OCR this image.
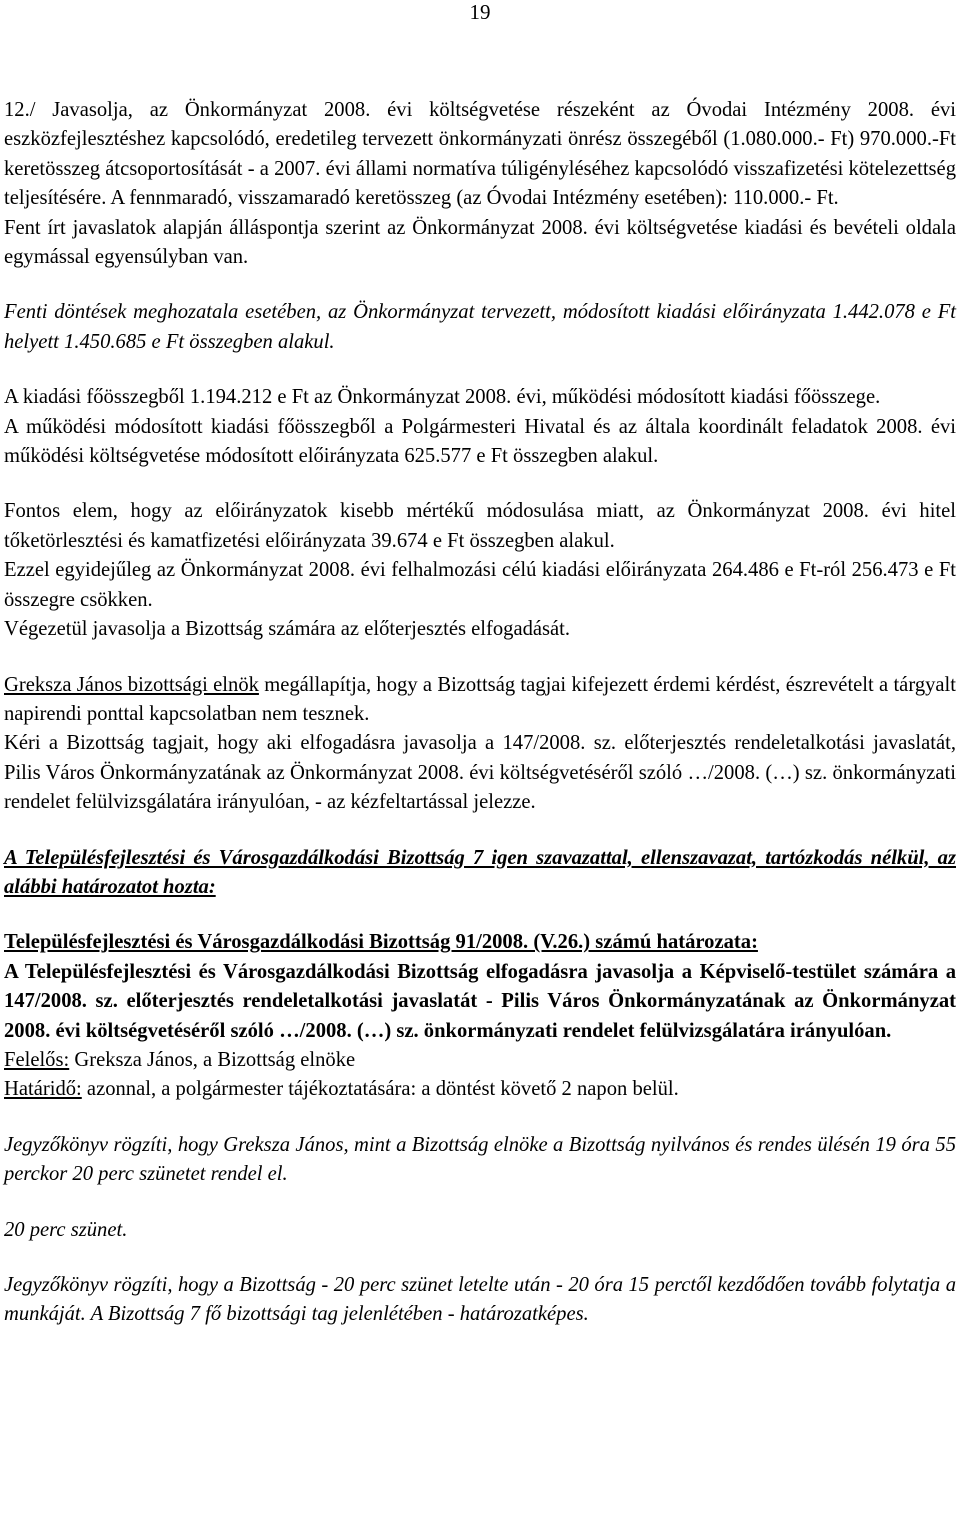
19

12./ Javasolja, az Önkormányzat 2008. évi költségvetése részeként az Óvodai Intézmény 2008. évi eszközfejlesztéshez kapcsolódó, eredetileg tervezett önkormányzati önrész összegéből (1.080.000.- Ft) 970.000.-Ft keretösszeg átcsoportosítását - a 2007. évi állami normatíva túligényléséhez kapcsolódó visszafizetési kötelezettség teljesítésére. A fennmaradó, visszamaradó keretösszeg (az Óvodai Intézmény esetében): 110.000.- Ft.

Fent írt javaslatok alapján álláspontja szerint az Önkormányzat 2008. évi költségvetése kiadási és bevételi oldala egymással egyensúlyban van.

Fenti döntések meghozatala esetében, az Önkormányzat tervezett, módosított kiadási előirányzata 1.442.078 e Ft helyett 1.450.685 e Ft összegben alakul.

A kiadási főösszegből 1.194.212 e Ft az Önkormányzat 2008. évi, működési módosított kiadási főösszege.

A működési módosított kiadási főösszegből a Polgármesteri Hivatal és az általa koordinált feladatok 2008. évi működési költségvetése módosított előirányzata 625.577 e Ft összegben alakul.

Fontos elem, hogy az előirányzatok kisebb mértékű módosulása miatt, az Önkormányzat 2008. évi hitel tőketörlesztési és kamatfizetési előirányzata 39.674 e Ft összegben alakul.

Ezzel egyidejűleg az Önkormányzat 2008. évi felhalmozási célú kiadási előirányzata 264.486 e Ft-ról 256.473 e Ft összegre csökken.

Végezetül javasolja a Bizottság számára az előterjesztés elfogadását.

Greksza János bizottsági elnök megállapítja, hogy a Bizottság tagjai kifejezett érdemi kérdést, észrevételt a tárgyalt napirendi ponttal kapcsolatban nem tesznek.

Kéri a Bizottság tagjait, hogy aki elfogadásra javasolja a 147/2008. sz. előterjesztés rendeletalkotási javaslatát, Pilis Város Önkormányzatának az Önkormányzat 2008. évi költségvetéséről szóló …/2008. (…) sz. önkormányzati rendelet felülvizsgálatára irányulóan, - az kézfeltartással jelezze.

A Településfejlesztési és Városgazdálkodási Bizottság 7 igen szavazattal, ellenszavazat, tartózkodás nélkül, az alábbi határozatot hozta:

Településfejlesztési és Városgazdálkodási Bizottság 91/2008. (V.26.) számú határozata:

A Településfejlesztési és Városgazdálkodási Bizottság elfogadásra javasolja a Képviselő-testület számára a 147/2008. sz. előterjesztés rendeletalkotási javaslatát - Pilis Város Önkormányzatának az Önkormányzat 2008. évi költségvetéséről szóló …/2008. (…) sz. önkormányzati rendelet felülvizsgálatára irányulóan.

Felelős: Greksza János, a Bizottság elnöke

Határidő: azonnal, a polgármester tájékoztatására: a döntést követő 2 napon belül.

Jegyzőkönyv rögzíti, hogy Greksza János, mint a Bizottság elnöke a Bizottság nyilvános és rendes ülésén 19 óra 55 perckor 20 perc szünetet rendel el.

20 perc szünet.

Jegyzőkönyv rögzíti, hogy a Bizottság - 20 perc szünet letelte után - 20 óra 15 perctől kezdődően tovább folytatja a munkáját. A Bizottság 7 fő bizottsági tag jelenlétében - határozatképes.
